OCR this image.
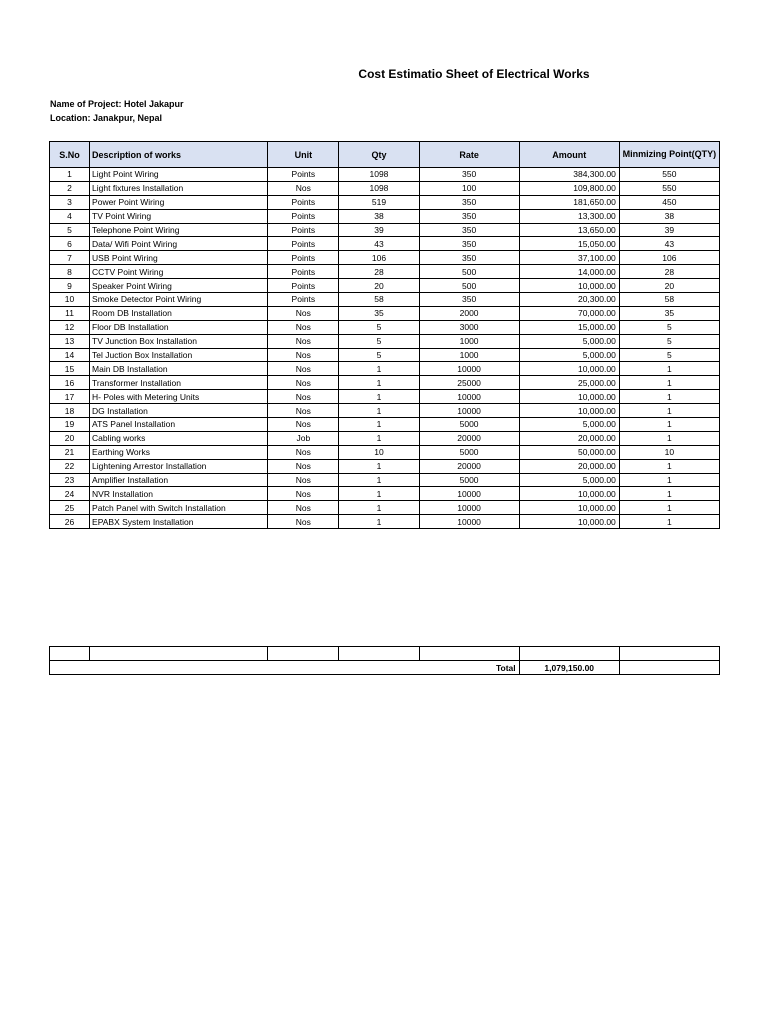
Cost Estimatio Sheet of Electrical Works
Name of Project: Hotel Jakapur
Location: Janakpur, Nepal
S.No	Description of works	Unit	Qty	Rate	Amount	Minmizing Point(QTY)
1	Light Point Wiring	Points	1098	350	384,300.00	550
2	Light fixtures Installation	Nos	1098	100	109,800.00	550
3	Power Point Wiring	Points	519	350	181,650.00	450
4	TV Point Wiring	Points	38	350	13,300.00	38
5	Telephone Point Wiring	Points	39	350	13,650.00	39
6	Data/ Wifi Point Wiring	Points	43	350	15,050.00	43
7	USB Point Wiring	Points	106	350	37,100.00	106
8	CCTV Point Wiring	Points	28	500	14,000.00	28
9	Speaker Point Wiring	Points	20	500	10,000.00	20
10	Smoke Detector Point Wiring	Points	58	350	20,300.00	58
11	Room DB Installation	Nos	35	2000	70,000.00	35
12	Floor DB Installation	Nos	5	3000	15,000.00	5
13	TV Junction Box Installation	Nos	5	1000	5,000.00	5
14	Tel Juction Box Installation	Nos	5	1000	5,000.00	5
15	Main DB Installation	Nos	1	10000	10,000.00	1
16	Transformer Installation	Nos	1	25000	25,000.00	1
17	H- Poles with Metering Units	Nos	1	10000	10,000.00	1
18	DG Installation	Nos	1	10000	10,000.00	1
19	ATS Panel Installation	Nos	1	5000	5,000.00	1
20	Cabling works	Job	1	20000	20,000.00	1
21	Earthing Works	Nos	10	5000	50,000.00	10
22	Lightening Arrestor Installation	Nos	1	20000	20,000.00	1
23	Amplifier Installation	Nos	1	5000	5,000.00	1
24	NVR Installation	Nos	1	10000	10,000.00	1
25	Patch Panel with Switch Installation	Nos	1	10000	10,000.00	1
26	EPABX System Installation	Nos	1	10000	10,000.00	1

Total					1,079,150.00	
